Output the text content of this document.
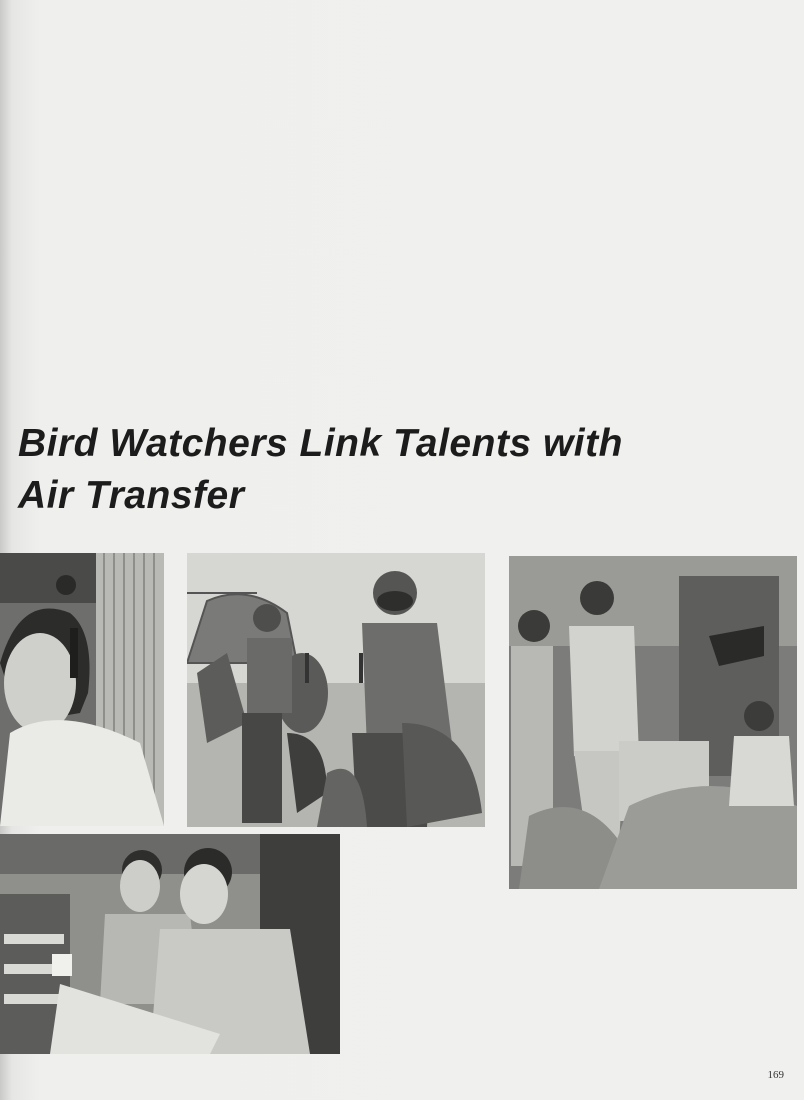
Bird Watchers Link Talents with
Air Transfer
169
